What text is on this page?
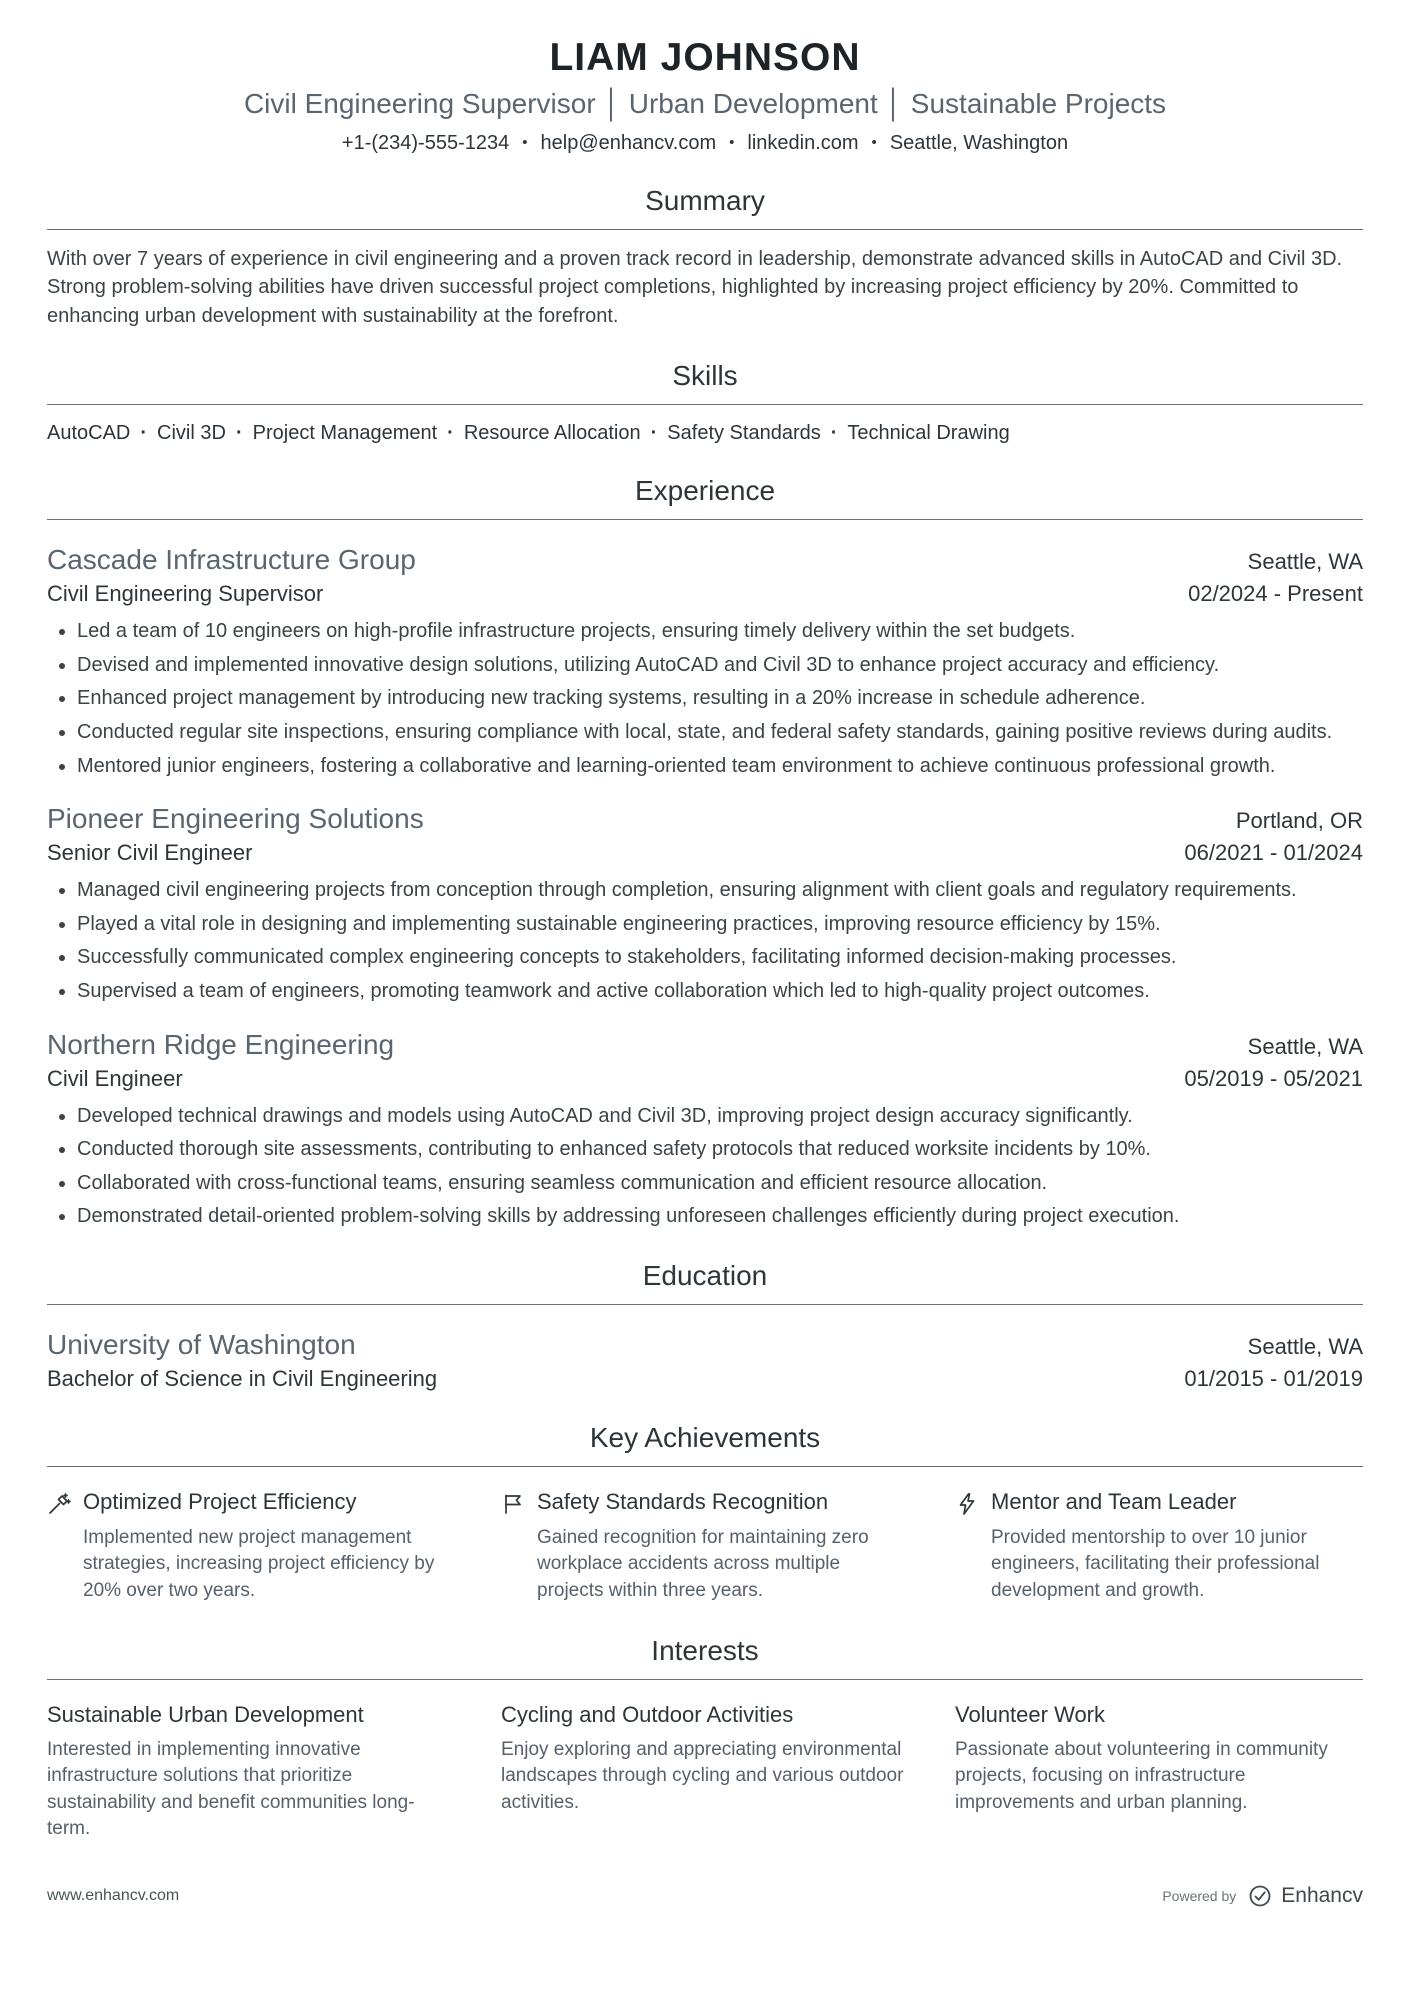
LIAM JOHNSON
Civil Engineering Supervisor │ Urban Development │ Sustainable Projects
+1-(234)-555-1234 • help@enhancv.com • linkedin.com • Seattle, Washington
Summary

With over 7 years of experience in civil engineering and a proven track record in leadership, demonstrate advanced skills in AutoCAD and Civil 3D. Strong problem-solving abilities have driven successful project completions, highlighted by increasing project efficiency by 20%. Committed to enhancing urban development with sustainability at the forefront.

Skills
AutoCAD · Civil 3D · Project Management · Resource Allocation · Safety Standards · Technical Drawing
Experience
Cascade Infrastructure Group	Seattle, WA
Civil Engineering Supervisor	02/2024 - Present
• Led a team of 10 engineers on high-profile infrastructure projects, ensuring timely delivery within the set budgets.
• Devised and implemented innovative design solutions, utilizing AutoCAD and Civil 3D to enhance project accuracy and efficiency.
• Enhanced project management by introducing new tracking systems, resulting in a 20% increase in schedule adherence.
• Conducted regular site inspections, ensuring compliance with local, state, and federal safety standards, gaining positive reviews during audits.
• Mentored junior engineers, fostering a collaborative and learning-oriented team environment to achieve continuous professional growth.
Pioneer Engineering Solutions	Portland, OR
Senior Civil Engineer	06/2021 - 01/2024
• Managed civil engineering projects from conception through completion, ensuring alignment with client goals and regulatory requirements.
• Played a vital role in designing and implementing sustainable engineering practices, improving resource efficiency by 15%.
• Successfully communicated complex engineering concepts to stakeholders, facilitating informed decision-making processes.
• Supervised a team of engineers, promoting teamwork and active collaboration which led to high-quality project outcomes.
Northern Ridge Engineering	Seattle, WA
Civil Engineer	05/2019 - 05/2021
• Developed technical drawings and models using AutoCAD and Civil 3D, improving project design accuracy significantly.
• Conducted thorough site assessments, contributing to enhanced safety protocols that reduced worksite incidents by 10%.
• Collaborated with cross-functional teams, ensuring seamless communication and efficient resource allocation.
• Demonstrated detail-oriented problem-solving skills by addressing unforeseen challenges efficiently during project execution.
Education
University of Washington	Seattle, WA
Bachelor of Science in Civil Engineering	01/2015 - 01/2019
Key Achievements
Optimized Project Efficiency
Implemented new project management strategies, increasing project efficiency by 20% over two years.
Safety Standards Recognition
Gained recognition for maintaining zero workplace accidents across multiple projects within three years.
Mentor and Team Leader
Provided mentorship to over 10 junior engineers, facilitating their professional development and growth.
Interests
Sustainable Urban Development
Interested in implementing innovative infrastructure solutions that prioritize sustainability and benefit communities long-term.
Cycling and Outdoor Activities
Enjoy exploring and appreciating environmental landscapes through cycling and various outdoor activities.
Volunteer Work
Passionate about volunteering in community projects, focusing on infrastructure improvements and urban planning.
www.enhancv.com	Powered by Enhancv
